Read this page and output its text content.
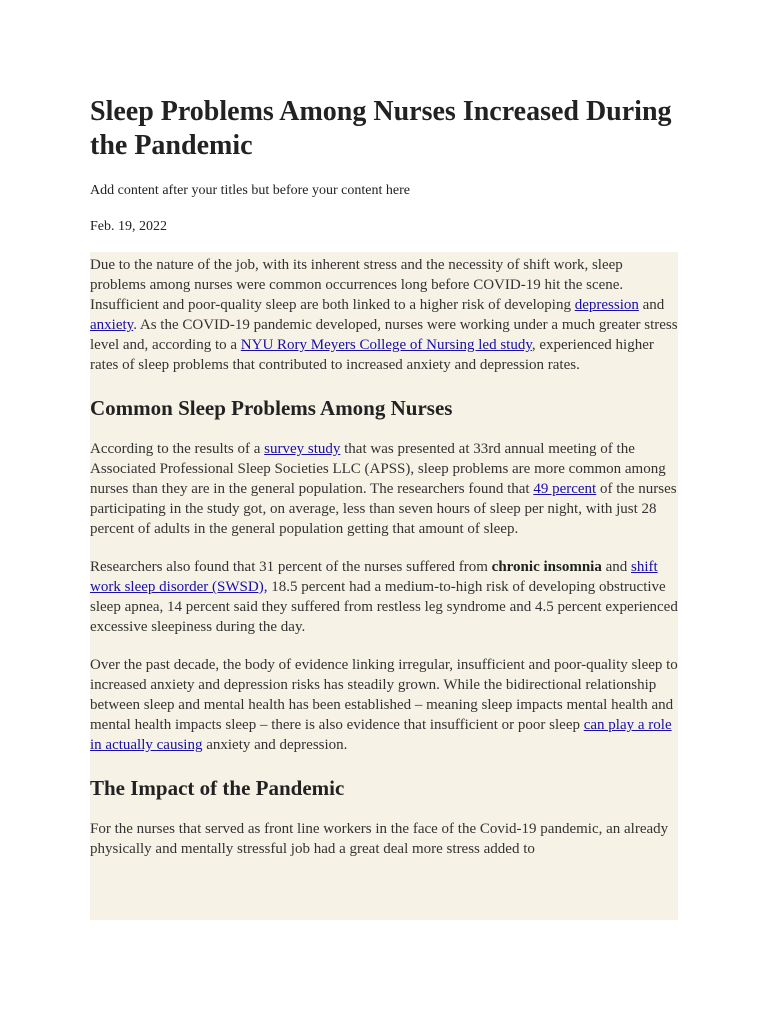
Sleep Problems Among Nurses Increased During the Pandemic
Add content after your titles but before your content here
Feb. 19, 2022

Due to the nature of the job, with its inherent stress and the necessity of shift work, sleep problems among nurses were common occurrences long before COVID-19 hit the scene. Insufficient and poor-quality sleep are both linked to a higher risk of developing depression and anxiety. As the COVID-19 pandemic developed, nurses were working under a much greater stress level and, according to a NYU Rory Meyers College of Nursing led study, experienced higher rates of sleep problems that contributed to increased anxiety and depression rates.

Common Sleep Problems Among Nurses

According to the results of a survey study that was presented at 33rd annual meeting of the Associated Professional Sleep Societies LLC (APSS), sleep problems are more common among nurses than they are in the general population. The researchers found that 49 percent of the nurses participating in the study got, on average, less than seven hours of sleep per night, with just 28 percent of adults in the general population getting that amount of sleep.

Researchers also found that 31 percent of the nurses suffered from chronic insomnia and shift work sleep disorder (SWSD), 18.5 percent had a medium-to-high risk of developing obstructive sleep apnea, 14 percent said they suffered from restless leg syndrome and 4.5 percent experienced excessive sleepiness during the day.

Over the past decade, the body of evidence linking irregular, insufficient and poor-quality sleep to increased anxiety and depression risks has steadily grown. While the bidirectional relationship between sleep and mental health has been established – meaning sleep impacts mental health and mental health impacts sleep – there is also evidence that insufficient or poor sleep can play a role in actually causing anxiety and depression.

The Impact of the Pandemic

For the nurses that served as front line workers in the face of the Covid-19 pandemic, an already physically and mentally stressful job had a great deal more stress added to
